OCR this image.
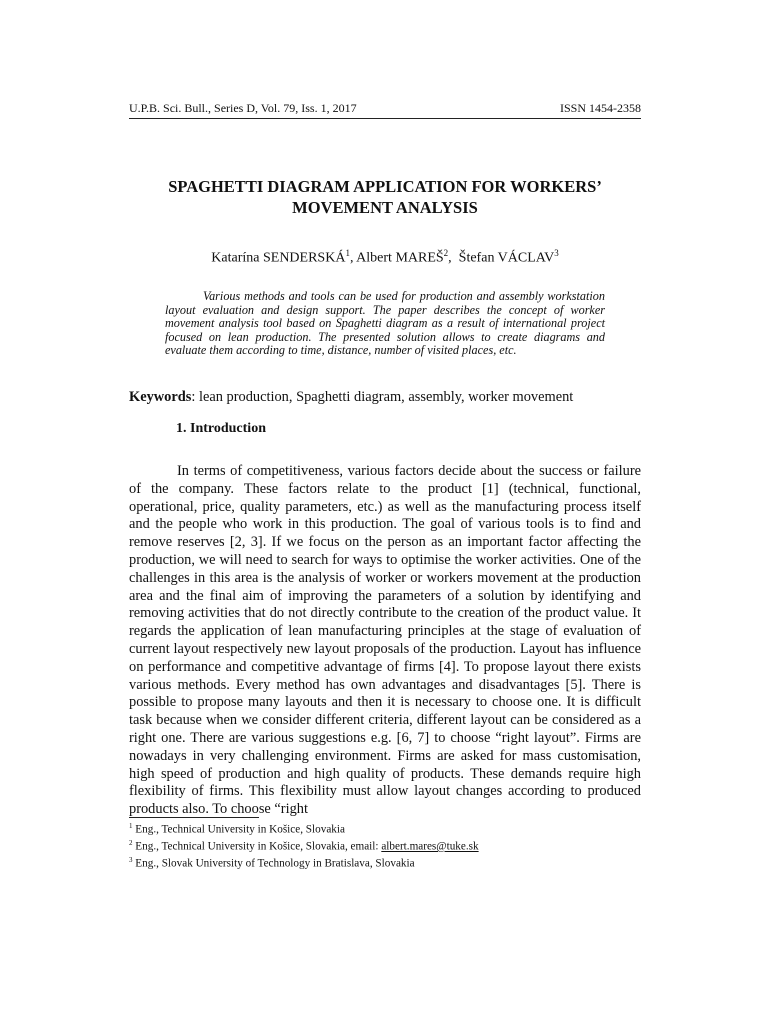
U.P.B. Sci. Bull., Series D, Vol. 79, Iss. 1, 2017	ISSN 1454-2358
SPAGHETTI DIAGRAM APPLICATION FOR WORKERS’
MOVEMENT ANALYSIS
Katarína SENDERSKÁ$^1$, Albert MAREŠ$^2$,  Štefan VÁCLAV$^3$
Various methods and tools can be used for production and assembly workstation layout evaluation and design support. The paper describes the concept of worker movement analysis tool based on Spaghetti diagram as a result of international project focused on lean production. The presented solution allows to create diagrams and evaluate them according to time, distance, number of visited places, etc.
Keywords: lean production, Spaghetti diagram, assembly, worker movement
1. Introduction
In terms of competitiveness, various factors decide about the success or failure of the company. These factors relate to the product [1] (technical, functional, operational, price, quality parameters, etc.) as well as the manufacturing process itself and the people who work in this production. The goal of various tools is to find and remove reserves [2, 3]. If we focus on the person as an important factor affecting the production, we will need to search for ways to optimise the worker activities. One of the challenges in this area is the analysis of worker or workers movement at the production area and the final aim of improving the parameters of a solution by identifying and removing activities that do not directly contribute to the creation of the product value. It regards the application of lean manufacturing principles at the stage of evaluation of current layout respectively new layout proposals of the production. Layout has influence on performance and competitive advantage of firms [4]. To propose layout there exists various methods. Every method has own advantages and disadvantages [5]. There is possible to propose many layouts and then it is necessary to choose one. It is difficult task because when we consider different criteria, different layout can be considered as a right one. There are various suggestions e.g. [6, 7] to choose “right layout”. Firms are nowadays in very challenging environment. Firms are asked for mass customisation, high speed of production and high quality of products. These demands require high flexibility of firms. This flexibility must allow layout changes according to produced products also. To choose “right
$^1$ Eng., Technical University in Košice, Slovakia
$^2$ Eng., Technical University in Košice, Slovakia, email: albert.mares@tuke.sk
$^3$ Eng., Slovak University of Technology in Bratislava, Slovakia
